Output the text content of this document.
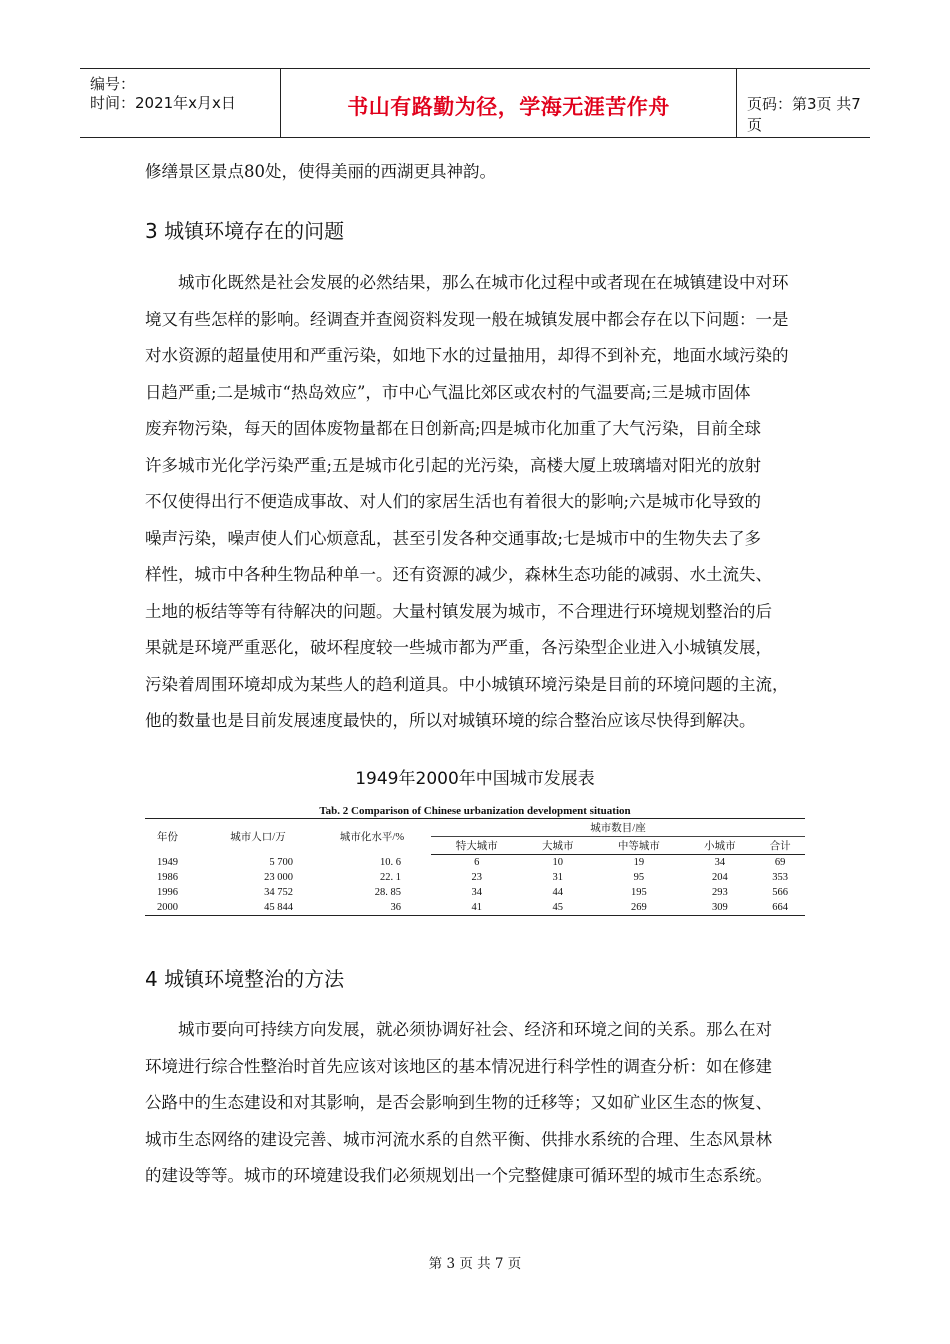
编号：
时间：2021年x月x日	书山有路勤为径，学海无涯苦作舟	页码：第3页 共7页
修缮景区景点80处，使得美丽的西湖更具神韵。
3 城镇环境存在的问题
城市化既然是社会发展的必然结果，那么在城市化过程中或者现在在城镇建设中对环
境又有些怎样的影响。经调查并查阅资料发现一般在城镇发展中都会存在以下问题：一是
对水资源的超量使用和严重污染，如地下水的过量抽用，却得不到补充，地面水域污染的
日趋严重;二是城市“热岛效应”，市中心气温比郊区或农村的气温要高;三是城市固体
废弃物污染，每天的固体废物量都在日创新高;四是城市化加重了大气污染，目前全球
许多城市光化学污染严重;五是城市化引起的光污染，高楼大厦上玻璃墙对阳光的放射
不仅使得出行不便造成事故、对人们的家居生活也有着很大的影响;六是城市化导致的
噪声污染，噪声使人们心烦意乱，甚至引发各种交通事故;七是城市中的生物失去了多
样性，城市中各种生物品种单一。还有资源的减少，森林生态功能的减弱、水土流失、
土地的板结等等有待解决的问题。大量村镇发展为城市，不合理进行环境规划整治的后
果就是环境严重恶化，破坏程度较一些城市都为严重，各污染型企业进入小城镇发展，
污染着周围环境却成为某些人的趋利道具。中小城镇环境污染是目前的环境问题的主流，
他的数量也是目前发展速度最快的，所以对城镇环境的综合整治应该尽快得到解决。
1949年2000年中国城市发展表
Tab. 2 Comparison of Chinese urbanization development situation
年份	城市人口/万	城市化水平/%	城市数目/座				
			特大城市	大城市	中等城市	小城市	合计
1949	5 700	10. 6	6	10	19	34	69
1986	23 000	22. 1	23	31	95	204	353
1996	34 752	28. 85	34	44	195	293	566
2000	45 844	36	41	45	269	309	664
4 城镇环境整治的方法
城市要向可持续方向发展，就必须协调好社会、经济和环境之间的关系。那么在对
环境进行综合性整治时首先应该对该地区的基本情况进行科学性的调查分析：如在修建
公路中的生态建设和对其影响，是否会影响到生物的迁移等；又如矿业区生态的恢复、
城市生态网络的建设完善、城市河流水系的自然平衡、供排水系统的合理、生态风景林
的建设等等。城市的环境建设我们必须规划出一个完整健康可循环型的城市生态系统。
第 3 页 共 7 页
